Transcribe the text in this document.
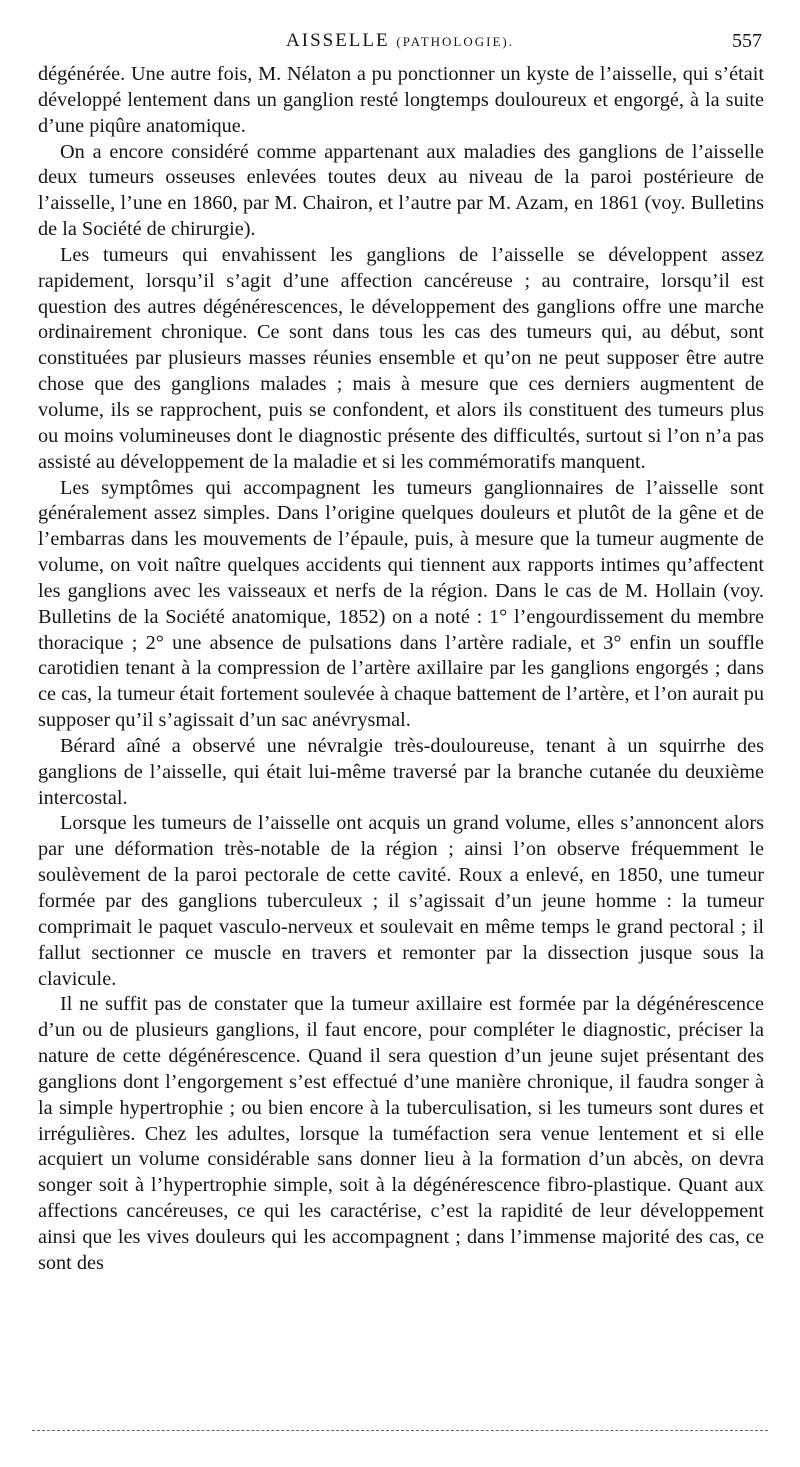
AISSELLE (PATHOLOGIE).	557

dégénérée. Une autre fois, M. Nélaton a pu ponctionner un kyste de l’aisselle, qui s’était développé lentement dans un ganglion resté longtemps douloureux et engorgé, à la suite d’une piqûre anatomique.

On a encore considéré comme appartenant aux maladies des ganglions de l’aisselle deux tumeurs osseuses enlevées toutes deux au niveau de la paroi postérieure de l’aisselle, l’une en 1860, par M. Chairon, et l’autre par M. Azam, en 1861 (voy. Bulletins de la Société de chirurgie).

Les tumeurs qui envahissent les ganglions de l’aisselle se développent assez rapidement, lorsqu’il s’agit d’une affection cancéreuse ; au contraire, lorsqu’il est question des autres dégénérescences, le développement des ganglions offre une marche ordinairement chronique. Ce sont dans tous les cas des tumeurs qui, au début, sont constituées par plusieurs masses réunies ensemble et qu’on ne peut supposer être autre chose que des ganglions malades ; mais à mesure que ces derniers augmentent de volume, ils se rapprochent, puis se confondent, et alors ils constituent des tumeurs plus ou moins volumineuses dont le diagnostic présente des difficultés, surtout si l’on n’a pas assisté au développement de la maladie et si les commémoratifs manquent.

Les symptômes qui accompagnent les tumeurs ganglionnaires de l’aisselle sont généralement assez simples. Dans l’origine quelques douleurs et plutôt de la gêne et de l’embarras dans les mouvements de l’épaule, puis, à mesure que la tumeur augmente de volume, on voit naître quelques accidents qui tiennent aux rapports intimes qu’affectent les ganglions avec les vaisseaux et nerfs de la région. Dans le cas de M. Hollain (voy. Bulletins de la Société anatomique, 1852) on a noté : 1° l’engourdissement du membre thoracique ; 2° une absence de pulsations dans l’artère radiale, et 3° enfin un souffle carotidien tenant à la compression de l’artère axillaire par les ganglions engorgés ; dans ce cas, la tumeur était fortement soulevée à chaque battement de l’artère, et l’on aurait pu supposer qu’il s’agissait d’un sac anévrysmal.

Bérard aîné a observé une névralgie très-douloureuse, tenant à un squirrhe des ganglions de l’aisselle, qui était lui-même traversé par la branche cutanée du deuxième intercostal.

Lorsque les tumeurs de l’aisselle ont acquis un grand volume, elles s’annoncent alors par une déformation très-notable de la région ; ainsi l’on observe fréquemment le soulèvement de la paroi pectorale de cette cavité. Roux a enlevé, en 1850, une tumeur formée par des ganglions tuberculeux ; il s’agissait d’un jeune homme : la tumeur comprimait le paquet vasculo-nerveux et soulevait en même temps le grand pectoral ; il fallut sectionner ce muscle en travers et remonter par la dissection jusque sous la clavicule.

Il ne suffit pas de constater que la tumeur axillaire est formée par la dégénérescence d’un ou de plusieurs ganglions, il faut encore, pour compléter le diagnostic, préciser la nature de cette dégénérescence. Quand il sera question d’un jeune sujet présentant des ganglions dont l’engorgement s’est effectué d’une manière chronique, il faudra songer à la simple hypertrophie ; ou bien encore à la tuberculisation, si les tumeurs sont dures et irrégulières. Chez les adultes, lorsque la tuméfaction sera venue lentement et si elle acquiert un volume considérable sans donner lieu à la formation d’un abcès, on devra songer soit à l’hypertrophie simple, soit à la dégénérescence fibro-plastique. Quant aux affections cancéreuses, ce qui les caractérise, c’est la rapidité de leur développement ainsi que les vives douleurs qui les accompagnent ; dans l’immense majorité des cas, ce sont des
